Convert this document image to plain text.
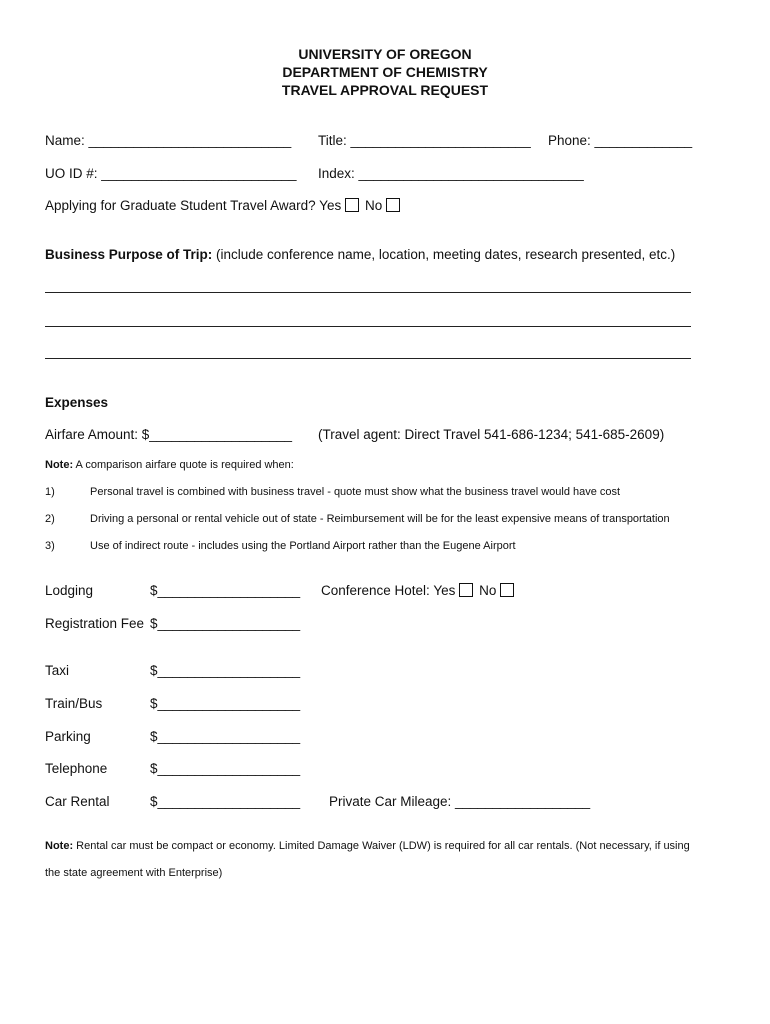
UNIVERSITY OF OREGON
DEPARTMENT OF CHEMISTRY
TRAVEL APPROVAL REQUEST
Name: ___________________________ Title: ________________________ Phone: _____________
UO ID #: __________________________ Index: ______________________________
Applying for Graduate Student Travel Award? Yes No
Business Purpose of Trip: (include conference name, location, meeting dates, research presented, etc.)
Expenses
Airfare Amount: $___________________ (Travel agent: Direct Travel 541-686-1234; 541-685-2609)
Note: A comparison airfare quote is required when:
1)	Personal travel is combined with business travel - quote must show what the business travel would have cost
2)	Driving a personal or rental vehicle out of state - Reimbursement will be for the least expensive means of transportation
3)	Use of indirect route - includes using the Portland Airport rather than the Eugene Airport
Lodging	$___________________ Conference Hotel: Yes No
Registration Fee $___________________
Taxi	$___________________
Train/Bus	$___________________
Parking	$___________________
Telephone	$___________________
Car Rental	$___________________ Private Car Mileage: __________________
Note: Rental car must be compact or economy. Limited Damage Waiver (LDW) is required for all car rentals. (Not necessary, if using
the state agreement with Enterprise)
